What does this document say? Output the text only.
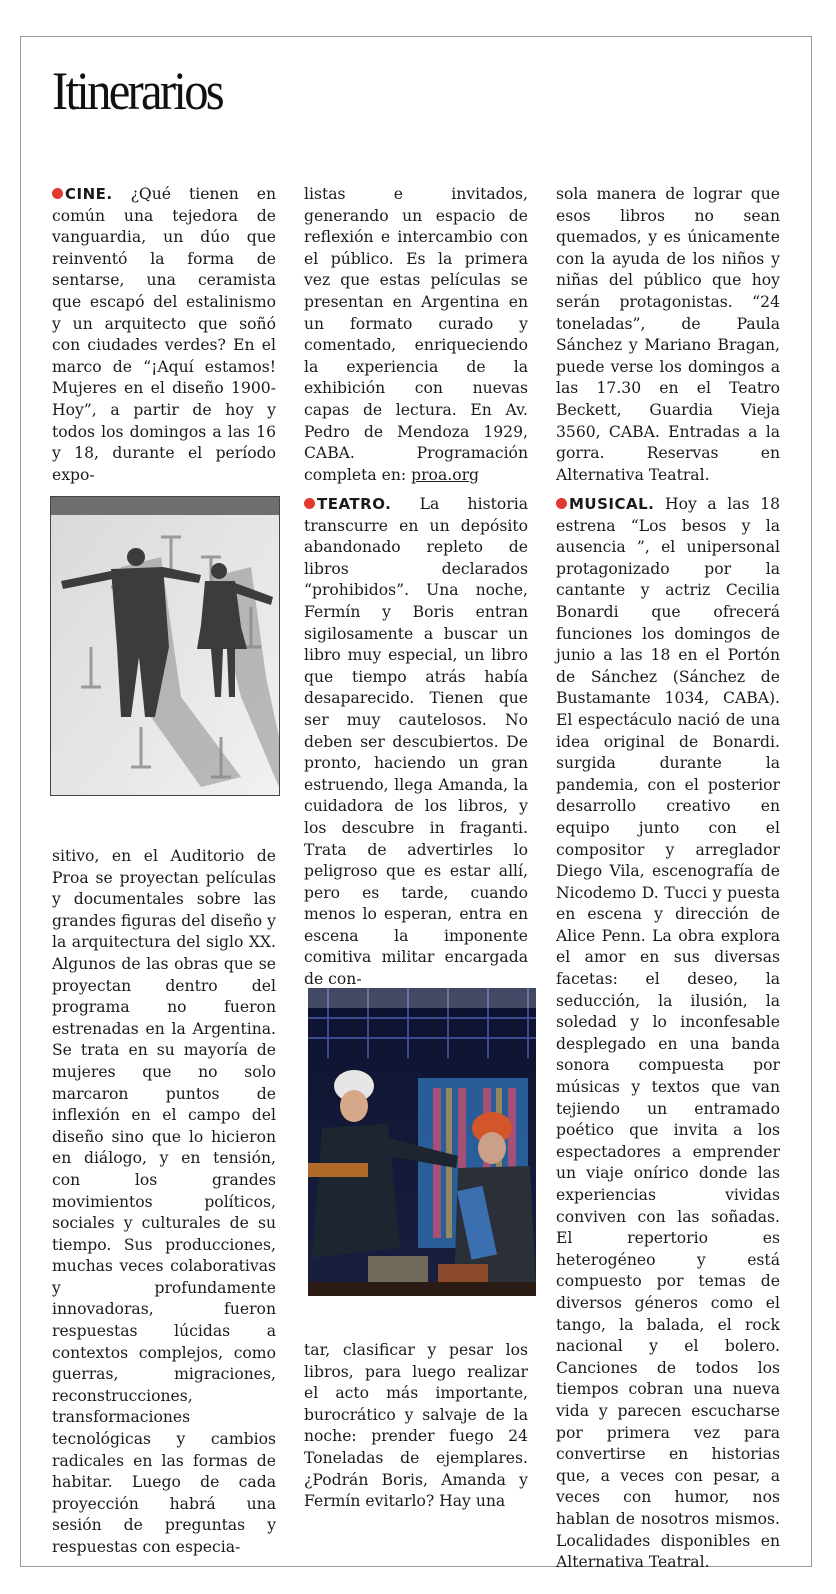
Itinerarios

CINE. ¿Qué tienen en común una tejedora de vanguardia, un dúo que reinventó la forma de sentarse, una ceramista que escapó del estalinismo y un arquitecto que soñó con ciudades verdes? En el marco de “¡Aquí estamos! Mujeres en el diseño 1900- Hoy”, a partir de hoy y todos los domingos a las 16 y 18, durante el período expo-

sitivo, en el Auditorio de Proa se proyectan películas y documentales sobre las grandes figuras del diseño y la arquitectura del siglo XX. Algunos de las obras que se proyectan dentro del programa no fueron estrenadas en la Argentina. Se trata en su mayoría de mujeres que no solo marcaron puntos de inflexión en el campo del diseño sino que lo hicieron en diálogo, y en tensión, con los grandes movimientos políticos, sociales y culturales de su tiempo. Sus producciones, muchas veces colaborativas y profundamente innovadoras, fueron respuestas lúcidas a contextos complejos, como guerras, migraciones, reconstrucciones, transformaciones tecnológicas y cambios radicales en las formas de habitar. Luego de cada proyección habrá una sesión de preguntas y respuestas con especia-

listas e invitados, generando un espacio de reflexión e intercambio con el público. Es la primera vez que estas películas se presentan en Argentina en un formato curado y comentado, enriqueciendo la experiencia de la exhibición con nuevas capas de lectura. En Av. Pedro de Mendoza 1929, CABA. Programación completa en: proa.org

TEATRO. La historia transcurre en un depósito abandonado repleto de libros declarados “prohibidos”. Una noche, Fermín y Boris entran sigilosamente a buscar un libro muy especial, un libro que tiempo atrás había desaparecido. Tienen que ser muy cautelosos. No deben ser descubiertos. De pronto, haciendo un gran estruendo, llega Amanda, la cuidadora de los libros, y los descubre in fraganti. Trata de advertirles lo peligroso que es estar allí, pero es tarde, cuando menos lo esperan, entra en escena la imponente comitiva militar encargada de con-

tar, clasificar y pesar los libros, para luego realizar el acto más importante, burocrático y salvaje de la noche: prender fuego 24 Toneladas de ejemplares. ¿Podrán Boris, Amanda y Fermín evitarlo? Hay una

sola manera de lograr que esos libros no sean quemados, y es únicamente con la ayuda de los niños y niñas del público que hoy serán protagonistas. “24 toneladas”, de Paula Sánchez y Mariano Bragan, puede verse los domingos a las 17.30 en el Teatro Beckett, Guardia Vieja 3560, CABA. Entradas a la gorra. Reservas en Alternativa Teatral.

MUSICAL. Hoy a las 18 estrena “Los besos y la ausencia ”, el unipersonal protagonizado por la cantante y actriz Cecilia Bonardi que ofrecerá funciones los domingos de junio a las 18 en el Portón de Sánchez (Sánchez de Bustamante 1034, CABA). El espectáculo nació de una idea original de Bonardi. surgida durante la pandemia, con el posterior desarrollo creativo en equipo junto con el compositor y arreglador Diego Vila, escenografía de Nicodemo D. Tucci y puesta en escena y dirección de Alice Penn. La obra explora el amor en sus diversas facetas: el deseo, la seducción, la ilusión, la soledad y lo inconfesable desplegado en una banda sonora compuesta por músicas y textos que van tejiendo un entramado poético que invita a los espectadores a emprender un viaje onírico donde las experiencias vividas conviven con las soñadas. El repertorio es heterogéneo y está compuesto por temas de diversos géneros como el tango, la balada, el rock nacional y el bolero. Canciones de todos los tiempos cobran una nueva vida y parecen escucharse por primera vez para convertirse en historias que, a veces con pesar, a veces con humor, nos hablan de nosotros mismos. Localidades disponibles en Alternativa Teatral.
